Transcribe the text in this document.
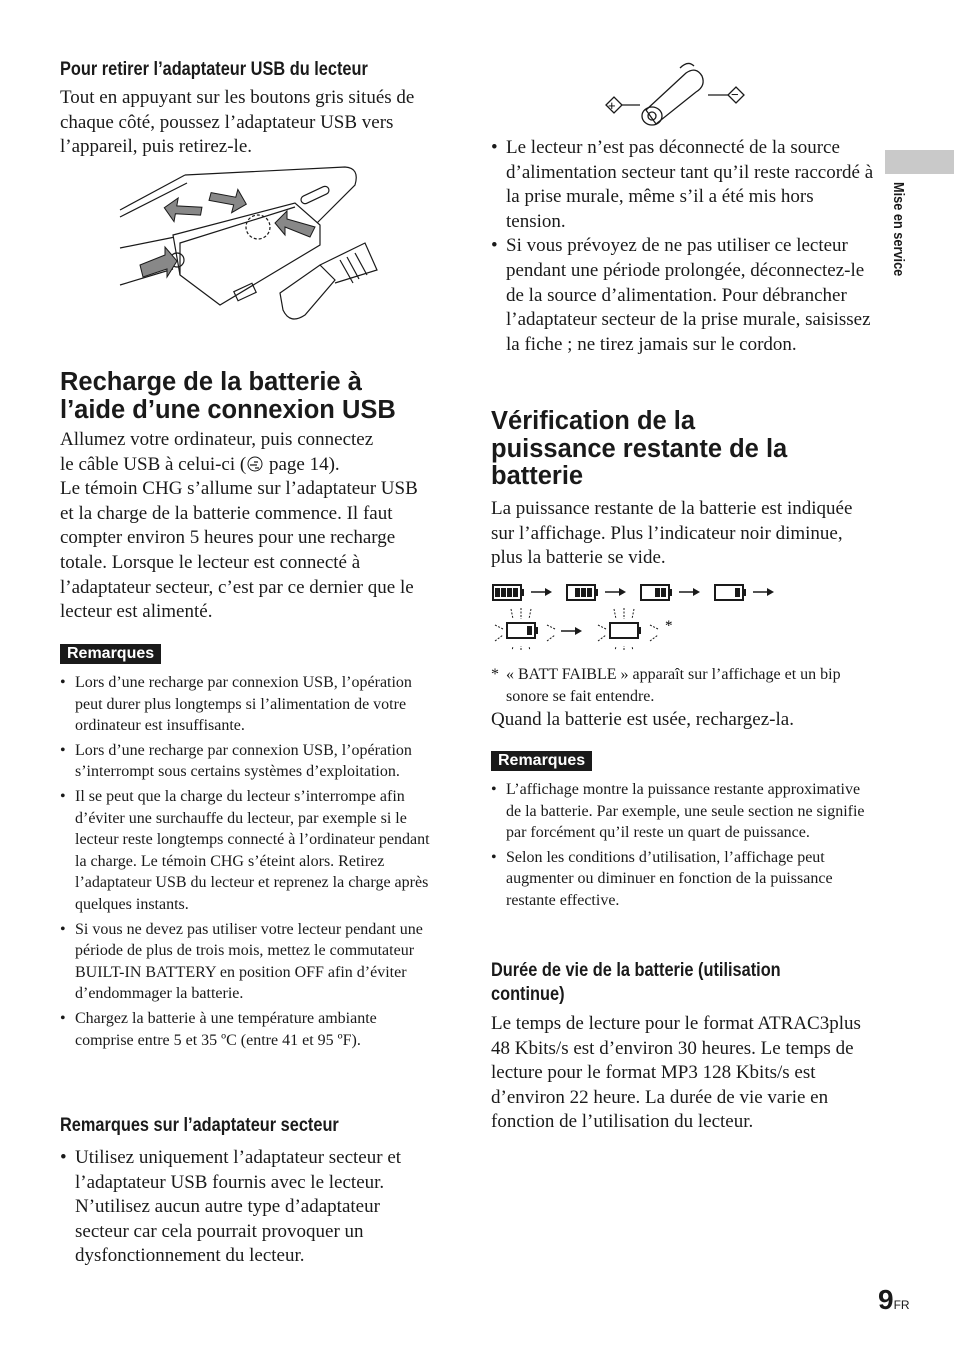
Pour retirer l’adaptateur USB du lecteur

Tout en appuyant sur les boutons gris situés de chaque côté, poussez l’adaptateur USB vers l’appareil, puis retirez-le.

Recharge de la batterie à
l’aide d’une connexion USB
Allumez votre ordinateur, puis connectez
le câble USB à celui-ci ( page 14).
Le témoin CHG s’allume sur l’adaptateur USB et la charge de la batterie commence. Il faut compter environ 5 heures pour une recharge totale. Lorsque le lecteur est connecté à l’adaptateur secteur, c’est par ce dernier que le lecteur est alimenté.
Remarques
• Lors d’une recharge par connexion USB, l’opération peut durer plus longtemps si l’alimentation de votre ordinateur est insuffisante.
• Lors d’une recharge par connexion USB, l’opération s’interrompt sous certains systèmes d’exploitation.
• Il se peut que la charge du lecteur s’interrompe afin d’éviter une surchauffe du lecteur, par exemple si le lecteur reste longtemps connecté à l’ordinateur pendant la charge. Le témoin CHG s’éteint alors. Retirez l’adaptateur USB du lecteur et reprenez la charge après quelques instants.
• Si vous ne devez pas utiliser votre lecteur pendant une période de plus de trois mois, mettez le commutateur BUILT-IN BATTERY en position OFF afin d’éviter d’endommager la batterie.
• Chargez la batterie à une température ambiante comprise entre 5 et 35 ºC (entre 41 et 95 ºF).
Remarques sur l’adaptateur secteur
• Utilisez uniquement l’adaptateur secteur et l’adaptateur USB fournis avec le lecteur. N’utilisez aucun autre type d’adaptateur secteur car cela pourrait provoquer un dysfonctionnement du lecteur.
+
−
• Le lecteur n’est pas déconnecté de la source d’alimentation secteur tant qu’il reste raccordé à la prise murale, même s’il a été mis hors tension.
• Si vous prévoyez de ne pas utiliser ce lecteur pendant une période prolongée, déconnectez-le de la source d’alimentation. Pour débrancher l’adaptateur secteur de la prise murale, saisissez la fiche ; ne tirez jamais sur le cordon.
Vérification de la
puissance restante de la
batterie

La puissance restante de la batterie est indiquée sur l’affichage. Plus l’indicateur noir diminue, plus la batterie se vide.

*
* « BATT FAIBLE » apparaît sur l’affichage et un bip sonore se fait entendre.

Quand la batterie est usée, rechargez-la.

Remarques
• L’affichage montre la puissance restante approximative de la batterie. Par exemple, une seule section ne signifie par forcément qu’il reste un quart de puissance.
• Selon les conditions d’utilisation, l’affichage peut augmenter ou diminuer en fonction de la puissance restante effective.
Durée de vie de la batterie (utilisation
continue)

Le temps de lecture pour le format ATRAC3plus 48 Kbits/s est d’environ 30 heures. Le temps de lecture pour le format MP3 128 Kbits/s est d’environ 22 heure. La durée de vie varie en fonction de l’utilisation du lecteur.

Mise en service
9FR
